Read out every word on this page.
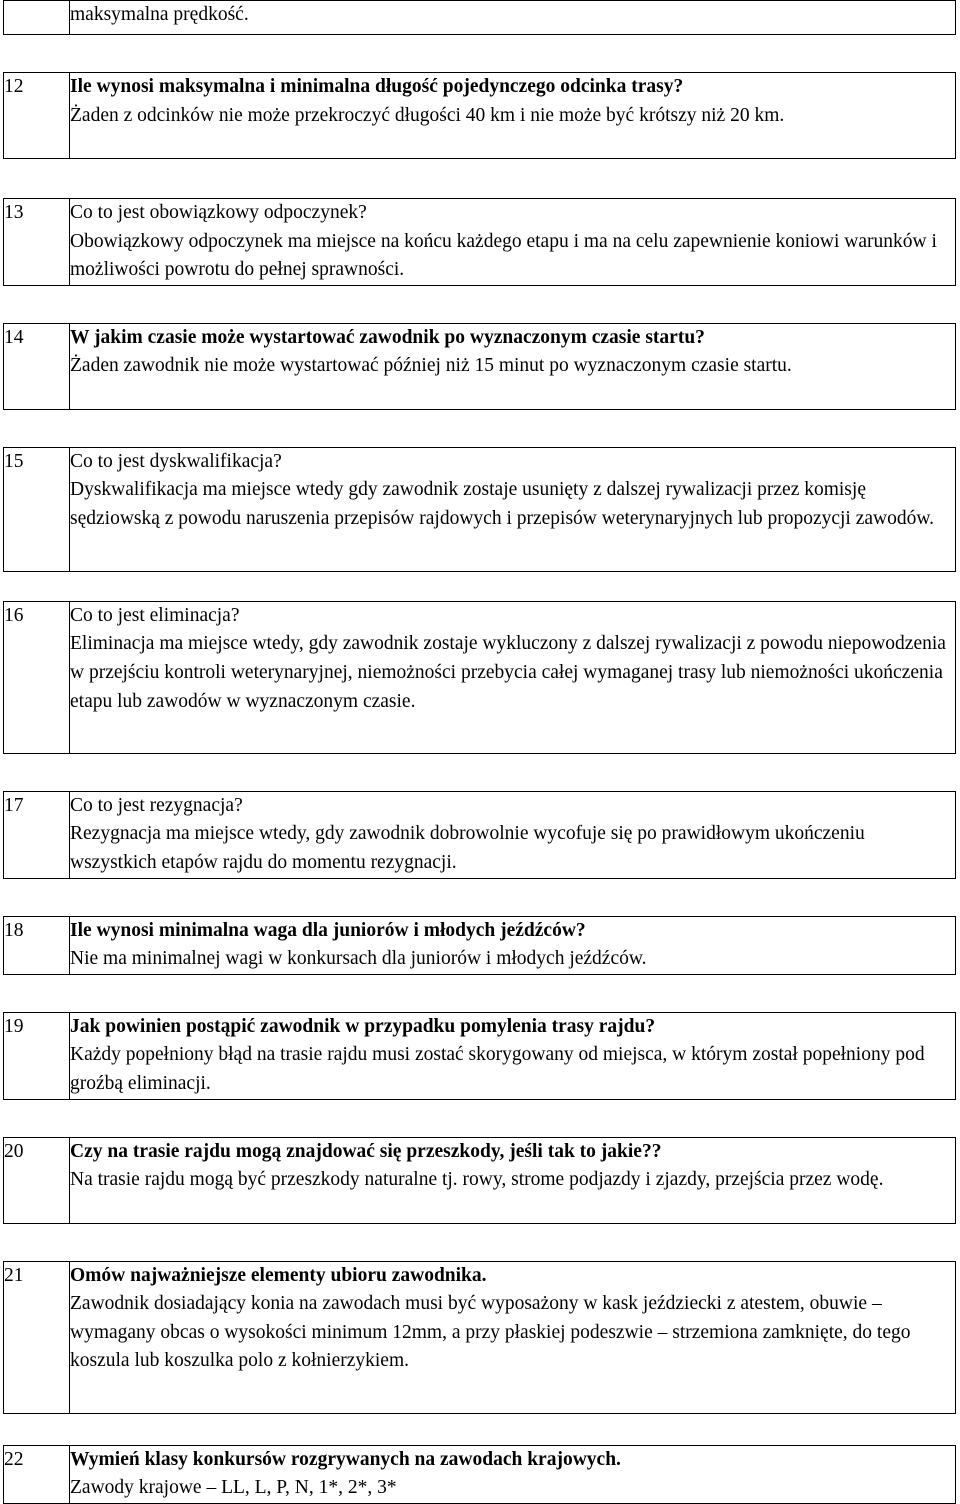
	maksymalna prędkość.

12	Ile wynosi maksymalna i minimalna długość pojedynczego odcinka trasy?
Żaden z odcinków nie może przekroczyć długości 40 km i nie może być krótszy niż 20 km.

13	Co to jest obowiązkowy odpoczynek?
Obowiązkowy odpoczynek ma miejsce na końcu każdego etapu i ma na celu zapewnienie koniowi warunków i możliwości powrotu do pełnej sprawności.

14	W jakim czasie może wystartować zawodnik po wyznaczonym czasie startu?
Żaden zawodnik nie może wystartować później niż 15 minut po wyznaczonym czasie startu.

15	Co to jest dyskwalifikacja?
Dyskwalifikacja ma miejsce wtedy gdy zawodnik zostaje usunięty z dalszej rywalizacji przez komisję sędziowską z powodu naruszenia przepisów rajdowych i przepisów weterynaryjnych lub propozycji zawodów.

16	Co to jest eliminacja?
Eliminacja ma miejsce wtedy, gdy zawodnik zostaje wykluczony z dalszej rywalizacji z powodu niepowodzenia w przejściu kontroli weterynaryjnej, niemożności przebycia całej wymaganej trasy lub niemożności ukończenia etapu lub zawodów w wyznaczonym czasie.

17	Co to jest rezygnacja?
Rezygnacja ma miejsce wtedy, gdy zawodnik dobrowolnie wycofuje się po prawidłowym ukończeniu wszystkich etapów rajdu do momentu rezygnacji.

18	Ile wynosi minimalna waga dla juniorów i młodych jeźdźców?
Nie ma minimalnej wagi w konkursach dla juniorów i młodych jeźdźców.

19	Jak powinien postąpić zawodnik w przypadku pomylenia trasy rajdu?
Każdy popełniony błąd na trasie rajdu musi zostać skorygowany od miejsca, w którym został popełniony pod groźbą eliminacji.

20	Czy na trasie rajdu mogą znajdować się przeszkody, jeśli tak to jakie??
Na trasie rajdu mogą być przeszkody naturalne tj. rowy, strome podjazdy i zjazdy, przejścia przez wodę.

21	Omów najważniejsze elementy ubioru zawodnika.
Zawodnik dosiadający konia na zawodach musi być wyposażony w kask jeździecki z atestem, obuwie – wymagany obcas o wysokości minimum 12mm, a przy płaskiej podeszwie – strzemiona zamknięte, do tego koszula lub koszulka polo z kołnierzykiem.

22	Wymień klasy konkursów rozgrywanych na zawodach krajowych.
Zawody krajowe – LL, L, P, N, 1*, 2*, 3*
